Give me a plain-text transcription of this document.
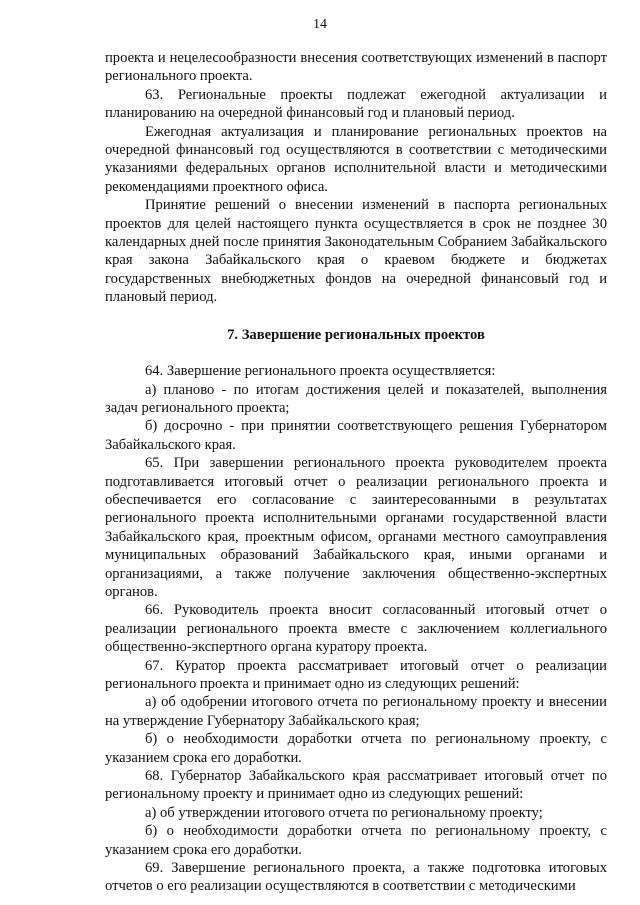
14

проекта и нецелесообразности внесения соответствующих изменений в паспорт регионального проекта.

63. Региональные проекты подлежат ежегодной актуализации и планированию на очередной финансовый год и плановый период.

Ежегодная актуализация и планирование региональных проектов на очередной финансовый год осуществляются в соответствии с методическими указаниями федеральных органов исполнительной власти и методическими рекомендациями проектного офиса.

Принятие решений о внесении изменений в паспорта региональных проектов для целей настоящего пункта осуществляется в срок не позднее 30 календарных дней после принятия Законодательным Собранием Забайкальского края закона Забайкальского края о краевом бюджете и бюджетах государственных внебюджетных фондов на очередной финансовый год и плановый период.

7. Завершение региональных проектов

64. Завершение регионального проекта осуществляется:

а) планово - по итогам достижения целей и показателей, выполнения задач регионального проекта;

б) досрочно - при принятии соответствующего решения Губернатором Забайкальского края.

65. При завершении регионального проекта руководителем проекта подготавливается итоговый отчет о реализации регионального проекта и обеспечивается его согласование с заинтересованными в результатах регионального проекта исполнительными органами государственной власти Забайкальского края, проектным офисом, органами местного самоуправления муниципальных образований Забайкальского края, иными органами и организациями, а также получение заключения общественно-экспертных органов.

66. Руководитель проекта вносит согласованный итоговый отчет о реализации регионального проекта вместе с заключением коллегиального общественно-экспертного органа куратору проекта.

67. Куратор проекта рассматривает итоговый отчет о реализации регионального проекта и принимает одно из следующих решений:

а) об одобрении итогового отчета по региональному проекту и внесении на утверждение Губернатору Забайкальского края;

б) о необходимости доработки отчета по региональному проекту, с указанием срока его доработки.

68. Губернатор Забайкальского края рассматривает итоговый отчет по региональному проекту и принимает одно из следующих решений:

а) об утверждении итогового отчета по региональному проекту;

б) о необходимости доработки отчета по региональному проекту, с указанием срока его доработки.

69. Завершение регионального проекта, а также подготовка итоговых отчетов о его реализации осуществляются в соответствии с методическими
